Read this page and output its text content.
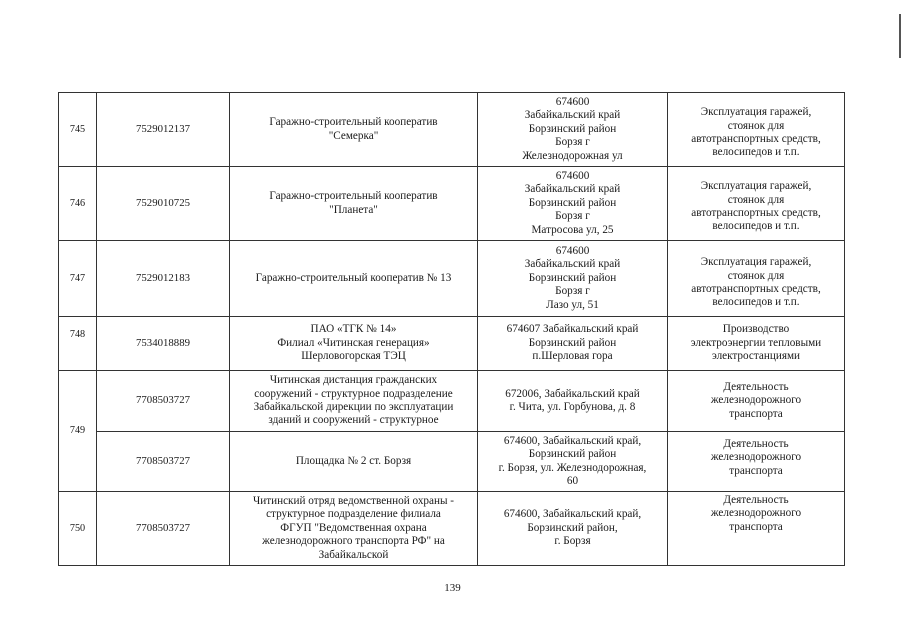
745	7529012137	Гаражно-строительный кооператив
"Семерка"	674600
Забайкальский край
Борзинский район
Борзя г
Железнодорожная ул	Эксплуатация гаражей,
стоянок для
автотранспортных средств,
велосипедов и т.п.
746	7529010725	Гаражно-строительный кооператив
"Планета"	674600
Забайкальский край
Борзинский район
Борзя г
Матросова ул, 25	Эксплуатация гаражей,
стоянок для
автотранспортных средств,
велосипедов и т.п.
747	7529012183	Гаражно-строительный кооператив № 13	674600
Забайкальский край
Борзинский район
Борзя г
Лазо ул, 51	Эксплуатация гаражей,
стоянок для
автотранспортных средств,
велосипедов и т.п.
748	7534018889	ПАО «ТГК № 14»
Филиал «Читинская генерация»
Шерловогорская ТЭЦ	674607 Забайкальский край
Борзинский район
п.Шерловая гора	Производство
электроэнергии тепловыми
электростанциями
749	7708503727	Читинская дистанция гражданских
сооружений - структурное подразделение
Забайкальской дирекции по эксплуатации
зданий и сооружений - структурное	672006, Забайкальский край
г. Чита, ул. Горбунова, д. 8	Деятельность
железнодорожного
транспорта
	7708503727	Площадка № 2 ст. Борзя	674600, Забайкальский край,
Борзинский район
г. Борзя, ул. Железнодорожная,
60	Деятельность
железнодорожного
транспорта
750	7708503727	Читинский отряд ведомственной охраны -
структурное подразделение филиала
ФГУП "Ведомственная охрана
железнодорожного транспорта РФ" на
Забайкальской	674600, Забайкальский край,
Борзинский район,
г. Борзя	Деятельность
железнодорожного
транспорта
139
